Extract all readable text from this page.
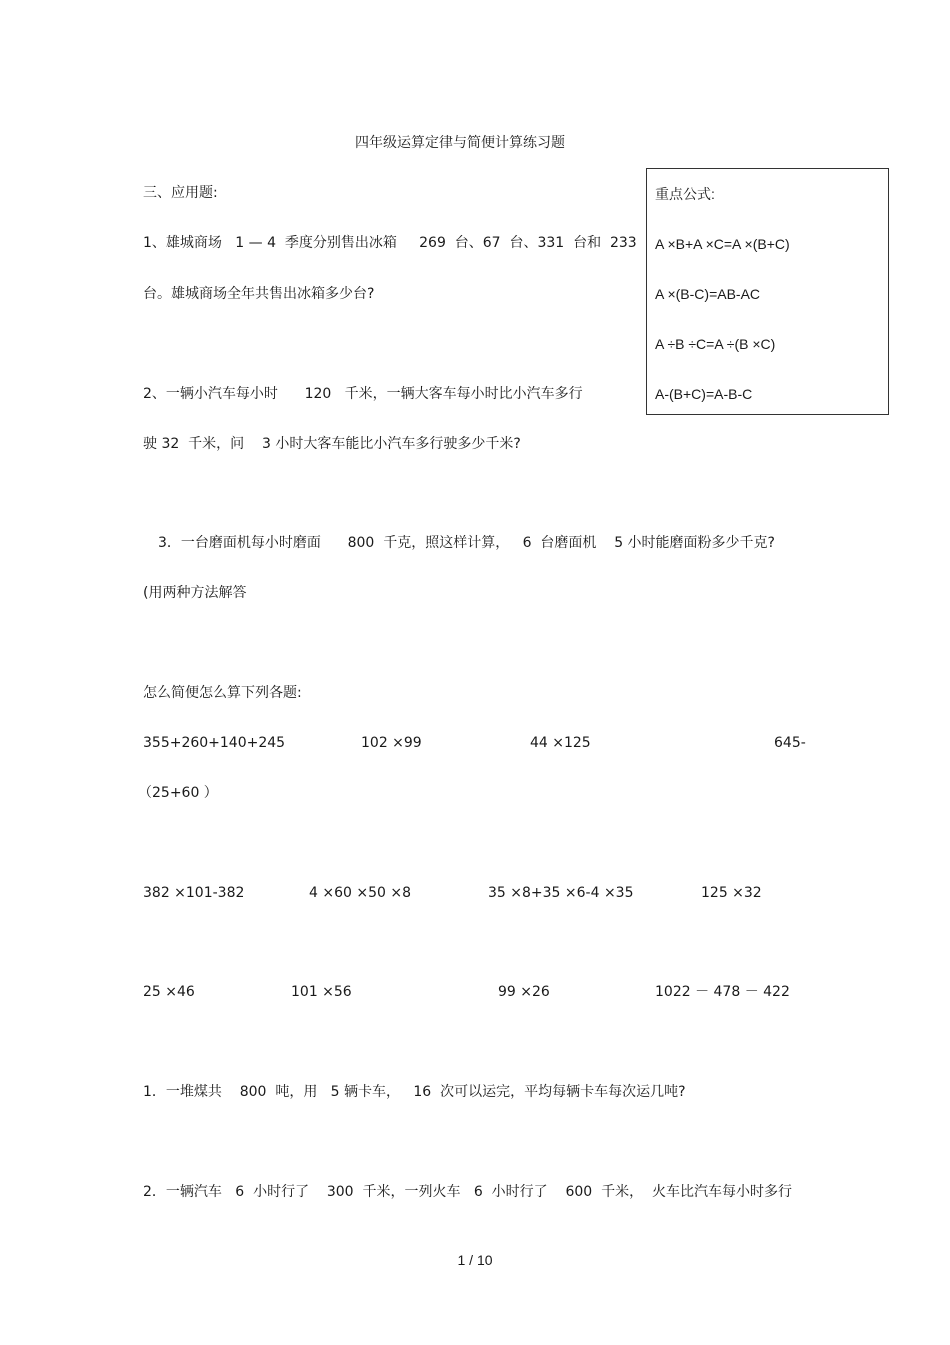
四年级运算定律与简便计算练习题
三、应用题:	重点公式:
A ×B+A ×C=A ×(B+C)
A ×(B-C)=AB-AC
A ÷B ÷C=A ÷(B ×C)
A-(B+C)=A-B-C
1、雄城商场   1 — 4  季度分别售出冰箱     269  台、67  台、331  台和  233
台。雄城商场全年共售出冰箱多少台?
2、一辆小汽车每小时      120   千米，一辆大客车每小时比小汽车多行
驶 32  千米，问    3 小时大客车能比小汽车多行驶多少千米?
3．一台磨面机每小时磨面      800  千克，照这样计算，   6  台磨面机    5 小时能磨面粉多少千克?
(用两种方法解答
怎么简便怎么算下列各题:
355+260+140+245	102 ×99	44 ×125	645-
（25+60 ）
382 ×101-382	4 ×60 ×50 ×8	35 ×8+35 ×6-4 ×35	125 ×32
25 ×46	101 ×56	99 ×26	1022 － 478 － 422
1．一堆煤共    800  吨，用   5 辆卡车，   16  次可以运完，平均每辆卡车每次运几吨?
2．一辆汽车   6  小时行了    300  千米，一列火车   6  小时行了    600  千米，  火车比汽车每小时多行
1 / 10
